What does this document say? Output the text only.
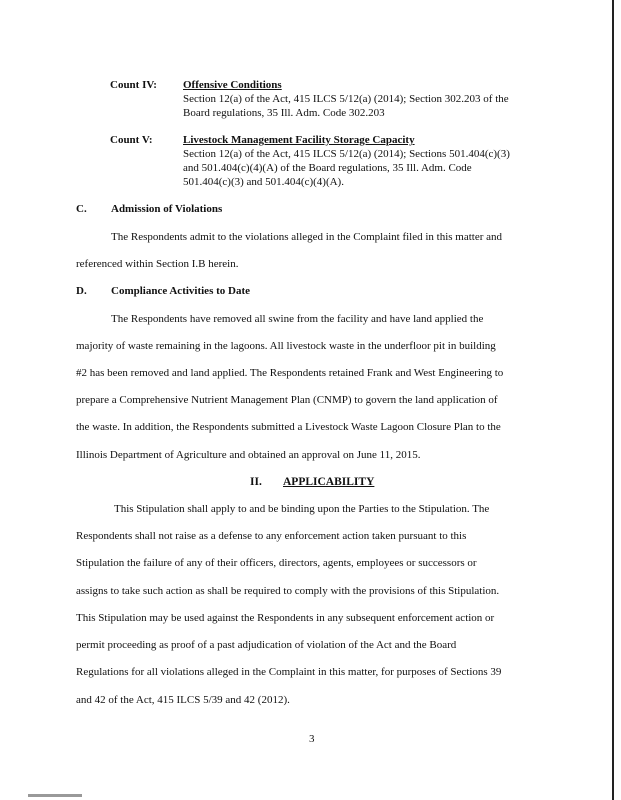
Count IV: Offensive Conditions
Section 12(a) of the Act, 415 ILCS 5/12(a) (2014); Section 302.203 of the
Board regulations, 35 Ill. Adm. Code 302.203
Count V:	Livestock Management Facility Storage Capacity
Section 12(a) of the Act, 415 ILCS 5/12(a) (2014); Sections 501.404(c)(3)
and 501.404(c)(4)(A) of the Board regulations, 35 Ill. Adm. Code
501.404(c)(3) and 501.404(c)(4)(A).
C. Admission of Violations
The Respondents admit to the violations alleged in the Complaint filed in this matter and
referenced within Section I.B herein.
D. Compliance Activities to Date
The Respondents have removed all swine from the facility and have land applied the
majority of waste remaining in the lagoons. All livestock waste in the underfloor pit in building
#2 has been removed and land applied. The Respondents retained Frank and West Engineering to
prepare a Comprehensive Nutrient Management Plan (CNMP) to govern the land application of
the waste. In addition, the Respondents submitted a Livestock Waste Lagoon Closure Plan to the
Illinois Department of Agriculture and obtained an approval on June 11, 2015.
II. APPLICABILITY
This Stipulation shall apply to and be binding upon the Parties to the Stipulation. The
Respondents shall not raise as a defense to any enforcement action taken pursuant to this
Stipulation the failure of any of their officers, directors, agents, employees or successors or
assigns to take such action as shall be required to comply with the provisions of this Stipulation.
This Stipulation may be used against the Respondents in any subsequent enforcement action or
permit proceeding as proof of a past adjudication of violation of the Act and the Board
Regulations for all violations alleged in the Complaint in this matter, for purposes of Sections 39
and 42 of the Act, 415 ILCS 5/39 and 42 (2012).
3
